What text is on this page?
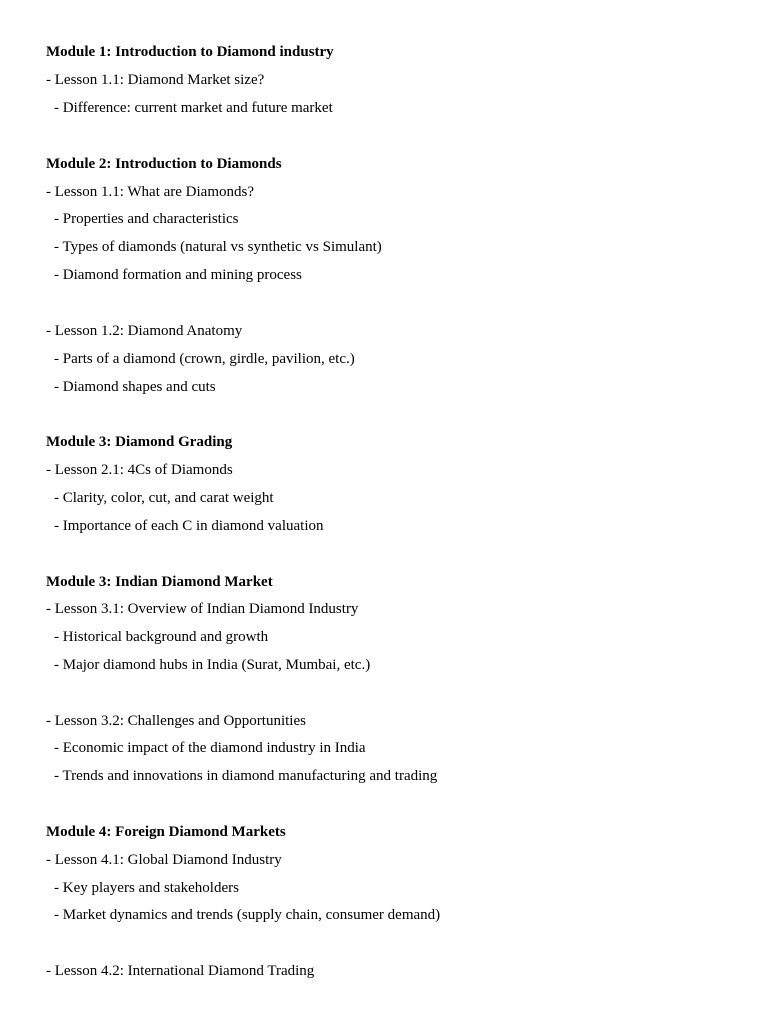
Module 1: Introduction to Diamond industry
- Lesson 1.1: Diamond Market size?
- Difference: current market and future market
Module 2: Introduction to Diamonds
- Lesson 1.1: What are Diamonds?
- Properties and characteristics
- Types of diamonds (natural vs synthetic vs Simulant)
- Diamond formation and mining process
- Lesson 1.2: Diamond Anatomy
- Parts of a diamond (crown, girdle, pavilion, etc.)
- Diamond shapes and cuts
Module 3: Diamond Grading
- Lesson 2.1: 4Cs of Diamonds
- Clarity, color, cut, and carat weight
- Importance of each C in diamond valuation
Module 3: Indian Diamond Market
- Lesson 3.1: Overview of Indian Diamond Industry
- Historical background and growth
- Major diamond hubs in India (Surat, Mumbai, etc.)
- Lesson 3.2: Challenges and Opportunities
- Economic impact of the diamond industry in India
- Trends and innovations in diamond manufacturing and trading
Module 4: Foreign Diamond Markets
- Lesson 4.1: Global Diamond Industry
- Key players and stakeholders
- Market dynamics and trends (supply chain, consumer demand)
- Lesson 4.2: International Diamond Trading
